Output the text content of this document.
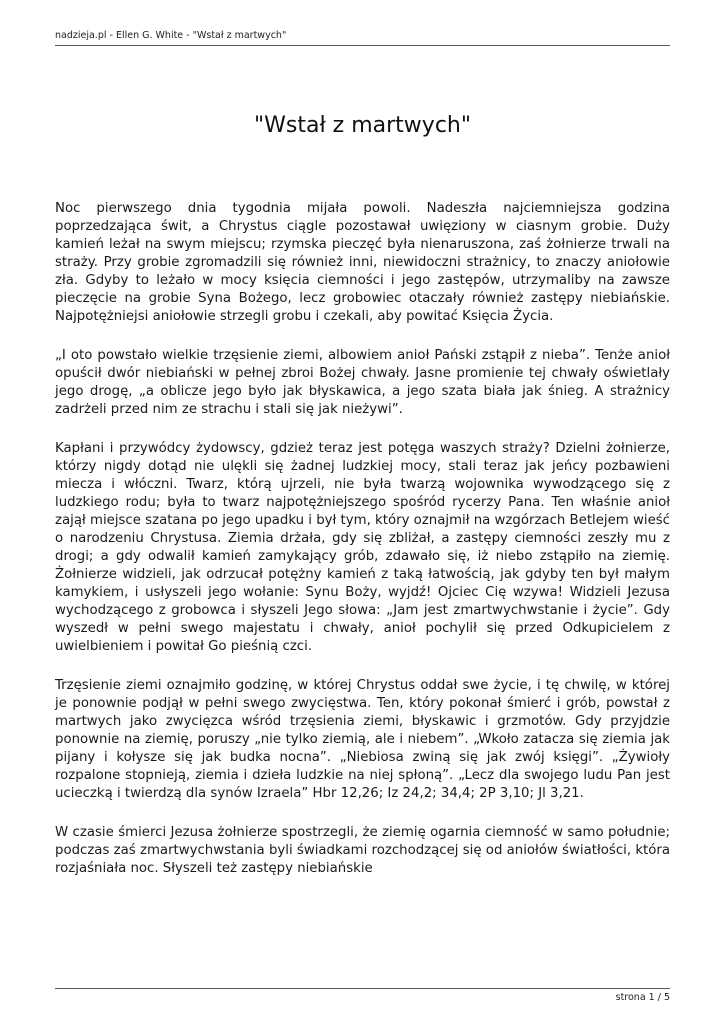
nadzieja.pl - Ellen G. White - "Wstał z martwych"
"Wstał z martwych"

Noc pierwszego dnia tygodnia mijała powoli. Nadeszła najciemniejsza godzina poprzedzająca świt, a Chrystus ciągle pozostawał uwięziony w ciasnym grobie. Duży kamień leżał na swym miejscu; rzymska pieczęć była nienaruszona, zaś żołnierze trwali na straży. Przy grobie zgromadzili się również inni, niewidoczni strażnicy, to znaczy aniołowie zła. Gdyby to leżało w mocy księcia ciemności i jego zastępów, utrzymaliby na zawsze pieczęcie na grobie Syna Bożego, lecz grobowiec otaczały również zastępy niebiańskie. Najpotężniejsi aniołowie strzegli grobu i czekali, aby powitać Księcia Życia.

„I oto powstało wielkie trzęsienie ziemi, albowiem anioł Pański zstąpił z nieba”. Tenże anioł opuścił dwór niebiański w pełnej zbroi Bożej chwały. Jasne promienie tej chwały oświetlały jego drogę, „a oblicze jego było jak błyskawica, a jego szata biała jak śnieg. A strażnicy zadrżeli przed nim ze strachu i stali się jak nieżywi”.

Kapłani i przywódcy żydowscy, gdzież teraz jest potęga waszych straży? Dzielni żołnierze, którzy nigdy dotąd nie ulękli się żadnej ludzkiej mocy, stali teraz jak jeńcy pozbawieni miecza i włóczni. Twarz, którą ujrzeli, nie była twarzą wojownika wywodzącego się z ludzkiego rodu; była to twarz najpotężniejszego spośród rycerzy Pana. Ten właśnie anioł zajął miejsce szatana po jego upadku i był tym, który oznajmił na wzgórzach Betlejem wieść o narodzeniu Chrystusa. Ziemia drżała, gdy się zbliżał, a zastępy ciemności zeszły mu z drogi; a gdy odwalił kamień zamykający grób, zdawało się, iż niebo zstąpiło na ziemię. Żołnierze widzieli, jak odrzucał potężny kamień z taką łatwością, jak gdyby ten był małym kamykiem, i usłyszeli jego wołanie: Synu Boży, wyjdź! Ojciec Cię wzywa! Widzieli Jezusa wychodzącego z grobowca i słyszeli Jego słowa: „Jam jest zmartwychwstanie i życie”. Gdy wyszedł w pełni swego majestatu i chwały, anioł pochylił się przed Odkupicielem z uwielbieniem i powitał Go pieśnią czci.

Trzęsienie ziemi oznajmiło godzinę, w której Chrystus oddał swe życie, i tę chwilę, w której je ponownie podjął w pełni swego zwycięstwa. Ten, który pokonał śmierć i grób, powstał z martwych jako zwycięzca wśród trzęsienia ziemi, błyskawic i grzmotów. Gdy przyjdzie ponownie na ziemię, poruszy „nie tylko ziemią, ale i niebem”. „Wkoło zatacza się ziemia jak pijany i kołysze się jak budka nocna”. „Niebiosa zwiną się jak zwój księgi”. „Żywioły rozpalone stopnieją, ziemia i dzieła ludzkie na niej spłoną”. „Lecz dla swojego ludu Pan jest ucieczką i twierdzą dla synów Izraela” Hbr 12,26; Iz 24,2; 34,4; 2P 3,10; Jl 3,21.

W czasie śmierci Jezusa żołnierze spostrzegli, że ziemię ogarnia ciemność w samo południe; podczas zaś zmartwychwstania byli świadkami rozchodzącej się od aniołów światłości, która rozjaśniała noc. Słyszeli też zastępy niebiańskie

strona 1 / 5
